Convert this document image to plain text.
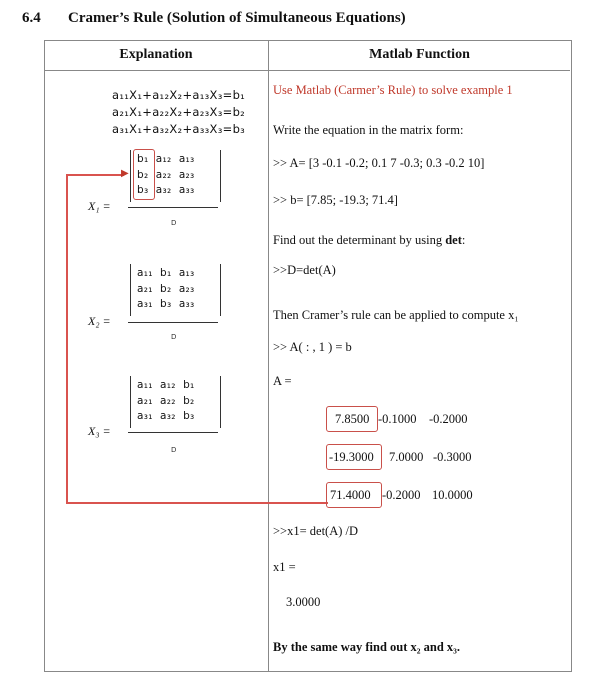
6.4 Cramer’s Rule (Solution of Simultaneous Equations)
Explanation	Matlab Function
a₁₁X₁+a₁₂X₂+a₁₃X₃=b₁
a₂₁X₁+a₂₂X₂+a₂₃X₃=b₂
a₃₁X₁+a₃₂X₂+a₃₃X₃=b₃
X₁ =
b₁ a₁₂ a₁₃
b₂ a₂₂ a₂₃
b₃ a₃₂ a₃₃
D
X₂ =
a₁₁ b₁ a₁₃
a₂₁ b₂ a₂₃
a₃₁ b₃ a₃₃
D
X₃ =
a₁₁ a₁₂ b₁
a₂₁ a₂₂ b₂
a₃₁ a₃₂ b₃
D
▶
Use Matlab (Carmer’s Rule) to solve example 1
Write the equation in the matrix form:
>> A= [3 -0.1 -0.2; 0.1 7 -0.3; 0.3 -0.2 10]
>> b= [7.85; -19.3; 71.4]
Find out the determinant by using det:
>>D=det(A)
Then Cramer’s rule can be applied to compute x₁
>> A( : , 1 ) = b
A =
7.8500 -0.1000 -0.2000
-19.3000 7.0000 -0.3000
71.4000 -0.2000 10.0000
>>x1= det(A) /D
x1 =
3.0000
By the same way find out x₂ and x₃.
